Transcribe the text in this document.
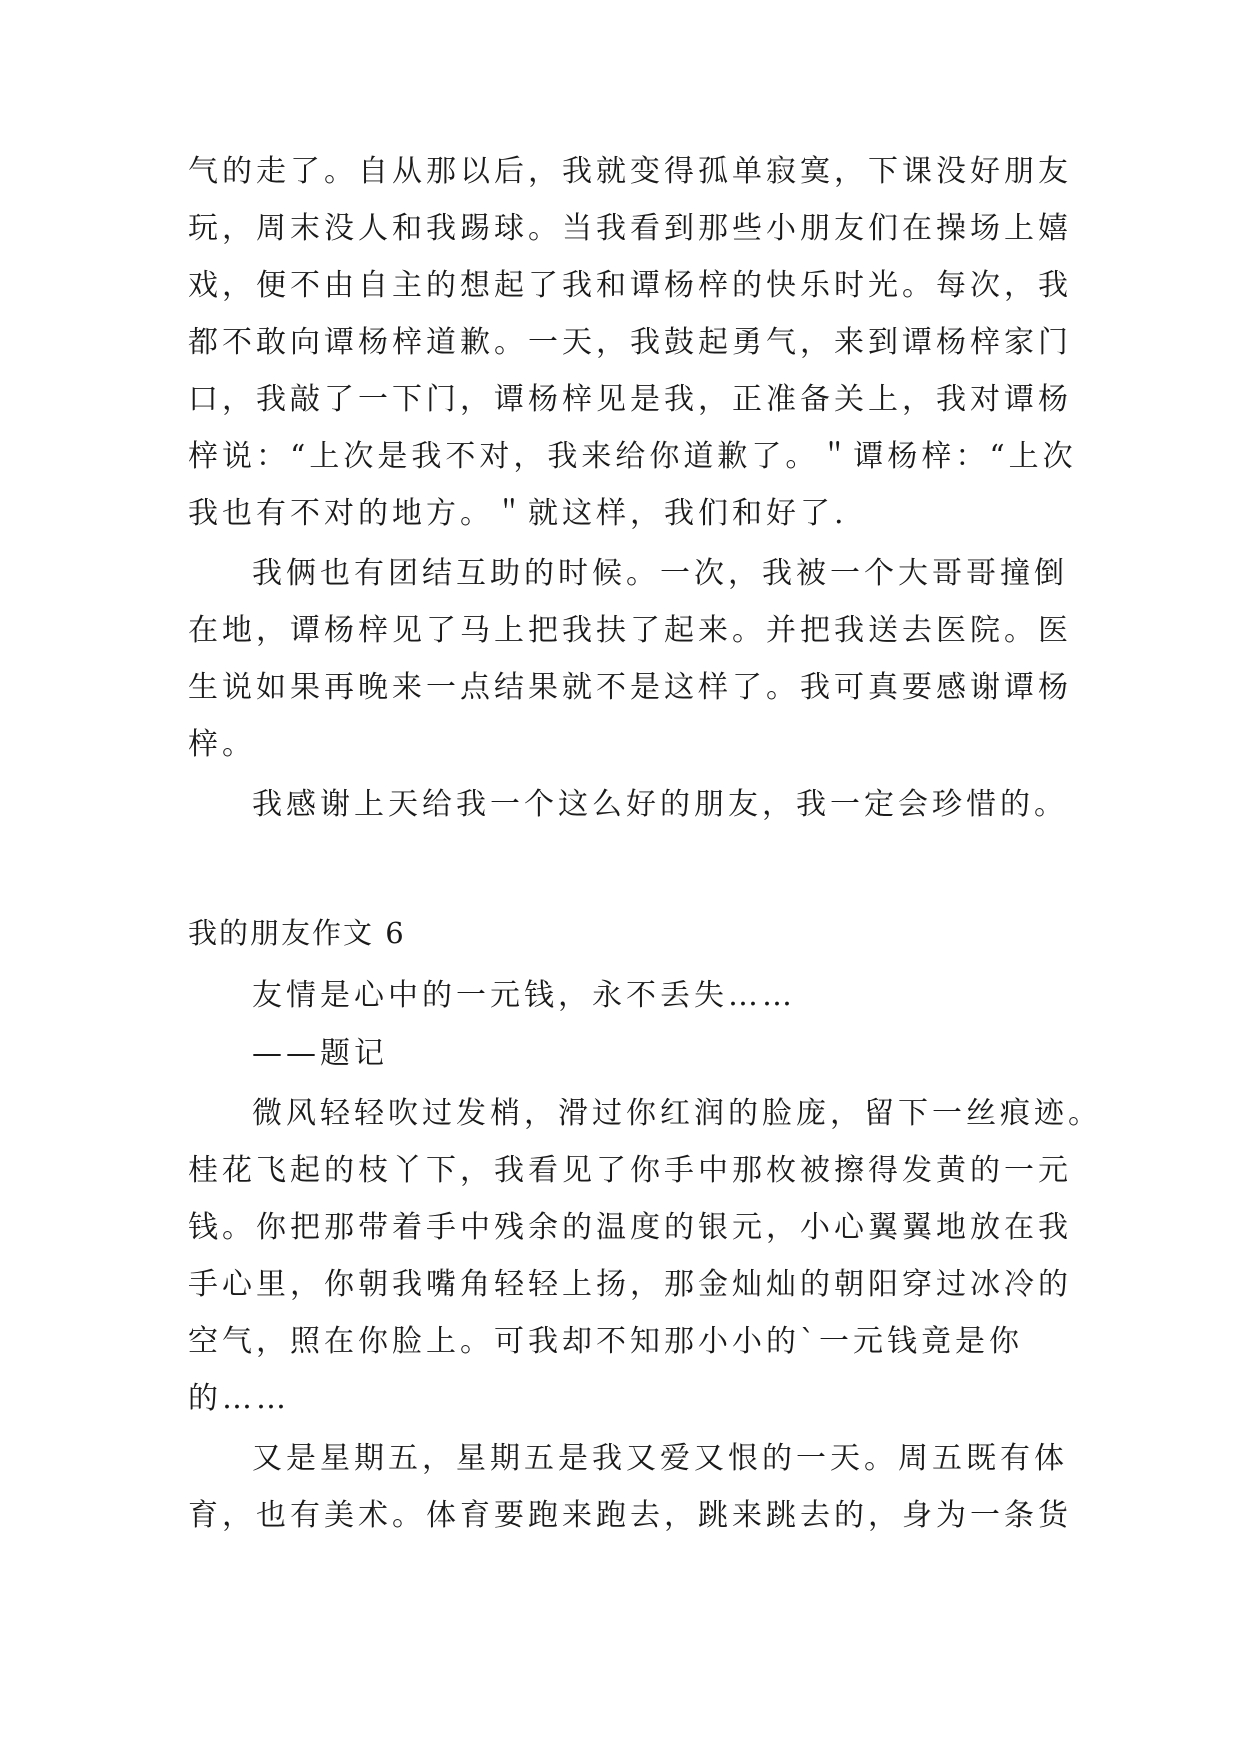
气的走了。自从那以后，我就变得孤单寂寞，下课没好朋友
玩，周末没人和我踢球。当我看到那些小朋友们在操场上嬉
戏，便不由自主的想起了我和谭杨梓的快乐时光。每次，我
都不敢向谭杨梓道歉。一天，我鼓起勇气，来到谭杨梓家门
口，我敲了一下门，谭杨梓见是我，正准备关上，我对谭杨
梓说：“上次是我不对，我来给你道歉了。＂谭杨梓：“上次
我也有不对的地方。＂就这样，我们和好了.
我俩也有团结互助的时候。一次，我被一个大哥哥撞倒
在地，谭杨梓见了马上把我扶了起来。并把我送去医院。医
生说如果再晚来一点结果就不是这样了。我可真要感谢谭杨
梓。
我感谢上天给我一个这么好的朋友，我一定会珍惜的。
我的朋友作文 6
友情是心中的一元钱，永不丢失……
——题记
微风轻轻吹过发梢，滑过你红润的脸庞，留下一丝痕迹。
桂花飞起的枝丫下，我看见了你手中那枚被擦得发黄的一元
钱。你把那带着手中残余的温度的银元，小心翼翼地放在我
手心里，你朝我嘴角轻轻上扬，那金灿灿的朝阳穿过冰冷的
空气，照在你脸上。可我却不知那小小的`一元钱竟是你
的……
又是星期五，星期五是我又爱又恨的一天。周五既有体
育，也有美术。体育要跑来跑去，跳来跳去的，身为一条货
